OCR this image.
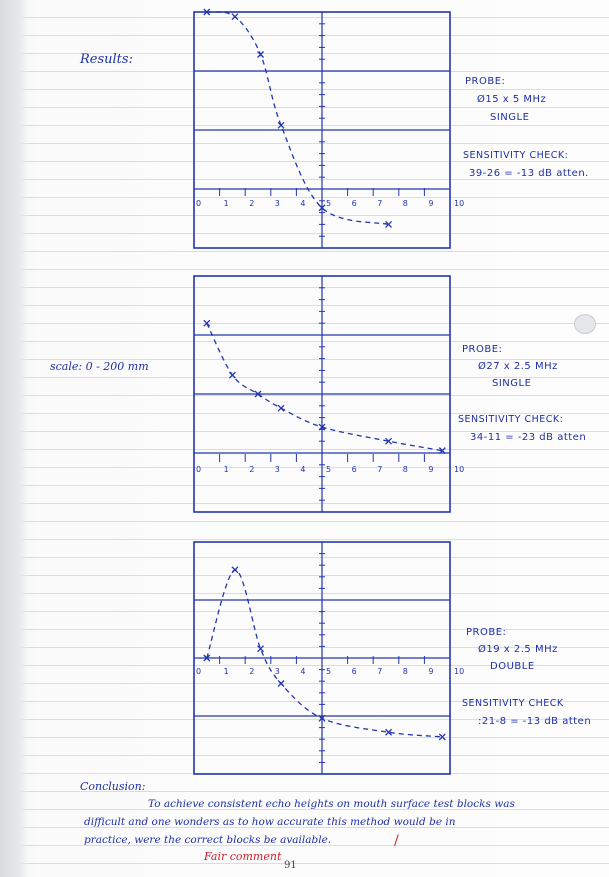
Results:
scale: 0 - 200 mm
0	1	2	3	4	5	6	7	8	9	10
PROBE:
Ø15 x 5 MHz
SINGLE
SENSITIVITY CHECK:
39-26 = -13 dB atten.
0	1	2	3	4	5	6	7	8	9	10
PROBE:
Ø27 x 2.5 MHz
SINGLE
SENSITIVITY CHECK:
34-11 = -23 dB atten
0	1	2	3	4	5	6	7	8	9	10
PROBE:
Ø19 x 2.5 MHz
DOUBLE
SENSITIVITY CHECK
:21-8 = -13 dB atten
Conclusion:
To achieve consistent echo heights on mouth surface test blocks was
difficult and one wonders as to how accurate this method would be in
practice, were the correct blocks be available.	/
Fair comment
91
